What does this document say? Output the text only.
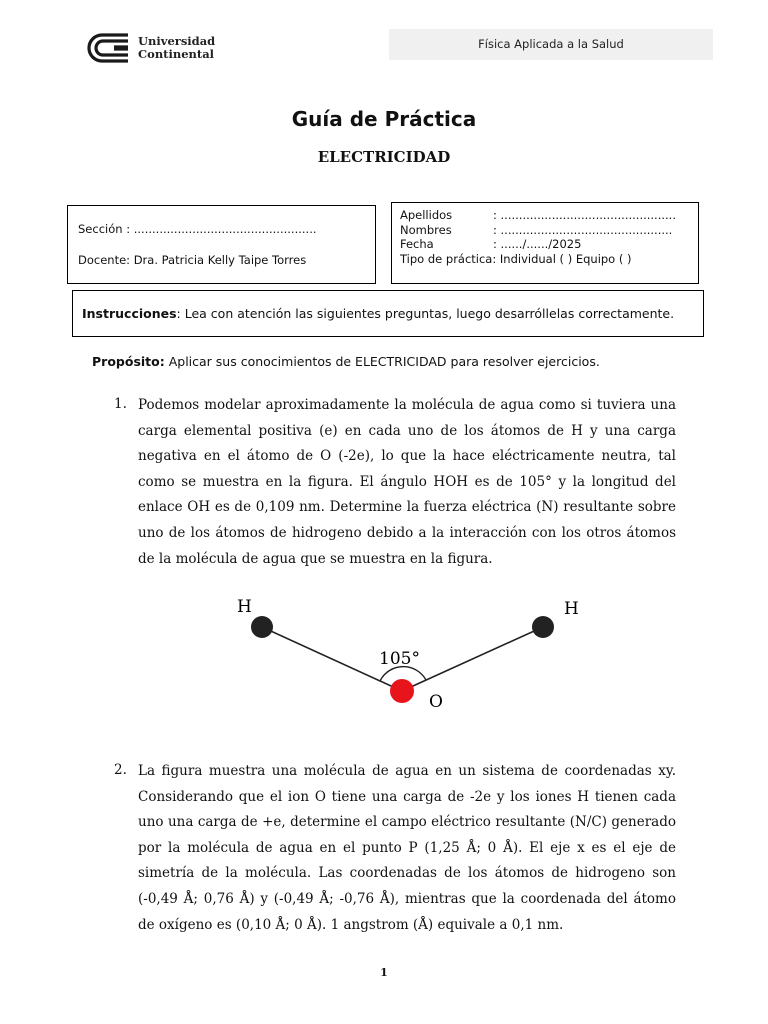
Universidad
Continental
Física Aplicada a la Salud
Guía de Práctica
ELECTRICIDAD
Sección : ..................................................
Docente: Dra. Patricia Kelly Taipe Torres
Apellidos	: ................................................
Nombres	: ...............................................
Fecha	: ....../....../2025
Tipo de práctica: Individual ( ) Equipo ( )
Instrucciones: Lea con atención las siguientes preguntas, luego desarróllelas correctamente.
Propósito: Aplicar sus conocimientos de ELECTRICIDAD para resolver ejercicios.
1. Podemos modelar aproximadamente la molécula de agua como si tuviera una carga elemental positiva (e) en cada uno de los átomos de H y una carga negativa en el átomo de O (-2e), lo que la hace eléctricamente neutra, tal como se muestra en la figura. El ángulo HOH es de 105° y la longitud del enlace OH es de 0,109 nm. Determine la fuerza eléctrica (N) resultante sobre uno de los átomos de hidrogeno debido a la interacción con los otros átomos de la molécula de agua que se muestra en la figura.
H	H
O
105°
2. La figura muestra una molécula de agua en un sistema de coordenadas xy. Considerando que el ion O tiene una carga de -2e y los iones H tienen cada uno una carga de +e, determine el campo eléctrico resultante (N/C) generado por la molécula de agua en el punto P (1,25 Å; 0 Å). El eje x es el eje de simetría de la molécula. Las coordenadas de los átomos de hidrogeno son (-0,49 Å; 0,76 Å) y (-0,49 Å; -0,76 Å), mientras que la coordenada del átomo de oxígeno es (0,10 Å; 0 Å). 1 angstrom (Å) equivale a 0,1 nm.
1
